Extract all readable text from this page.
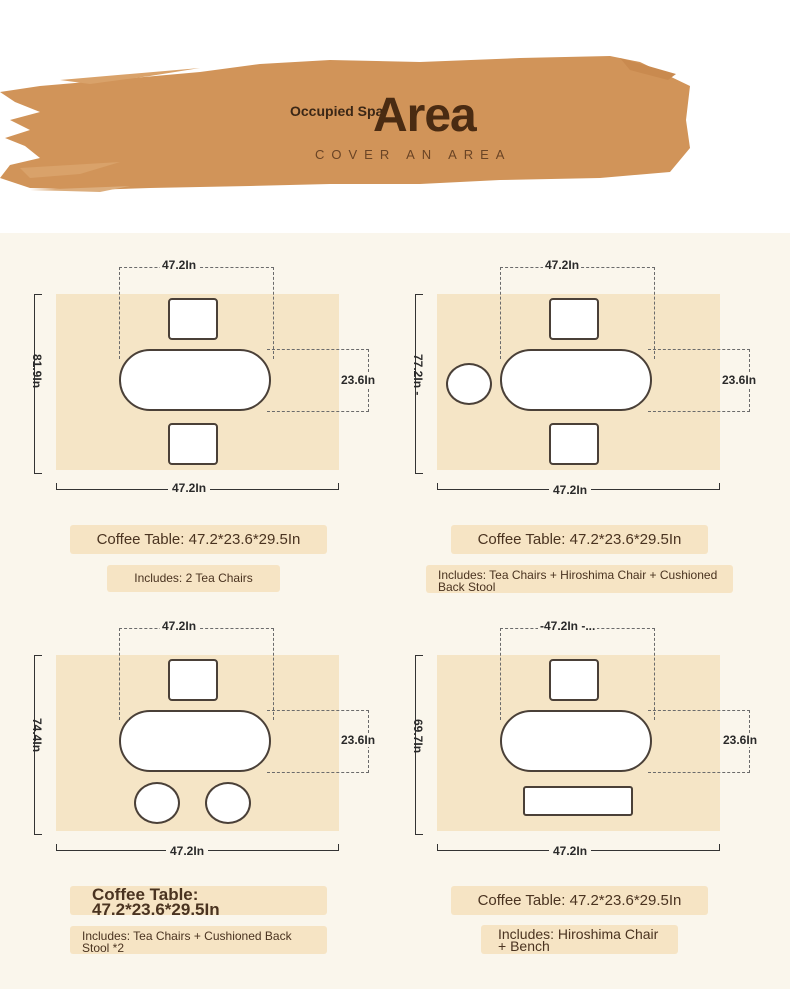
Occupied Spa
Area
COVER AN AREA
47.2In
23.6In
81.9In
47.2In
Coffee Table: 47.2*23.6*29.5In
Includes: 2 Tea Chairs
47.2In
23.6In
77.2In -
47.2In
Coffee Table: 47.2*23.6*29.5In
Includes: Tea Chairs + Hiroshima Chair + Cushioned Back Stool
47.2In
23.6In
74.4In
47.2In
Coffee Table: 47.2*23.6*29.5In
Includes: Tea Chairs + Cushioned Back Stool *2
-47.2In -...
23.6In
69.7In
47.2In
Coffee Table: 47.2*23.6*29.5In
Includes: Hiroshima Chair + Bench
